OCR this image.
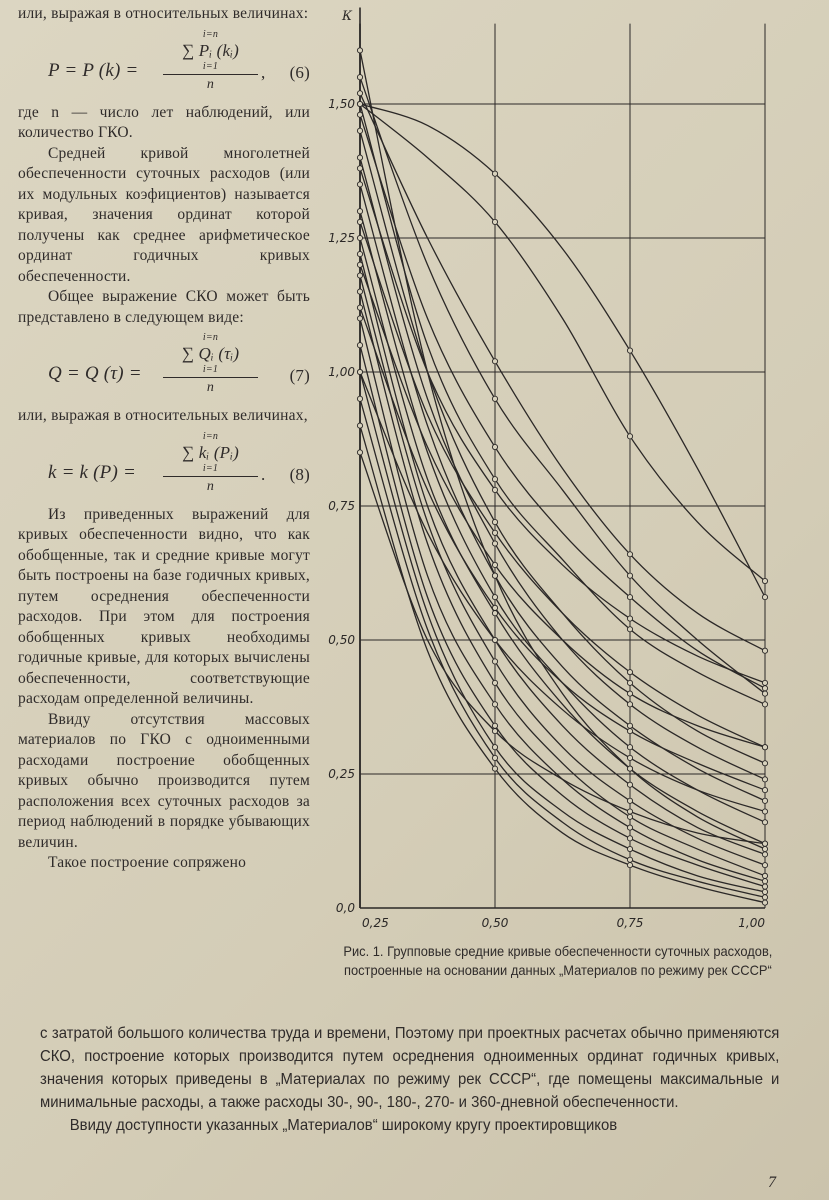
или, выражая в относительных величинах:

P = P (k) =
i=n
∑ Pᵢ (kᵢ)

i=1
n
, (6)

где n — число лет наблюдений, или количество ГКО.

Средней кривой многолетней обеспеченности суточных расходов (или их модульных коэфициентов) называется кривая, значения ординат которой получены как среднее арифметическое ординат годичных кривых обеспеченности.

Общее выражение СКО может быть представлено в следующем виде:

Q = Q (τ) =
i=n
∑ Qᵢ (τᵢ)

i=1
n
(7)

или, выражая в относительных величинах,

k = k (P) =
i=n
∑ kᵢ (Pᵢ)

i=1
n
. (8)

Из приведенных выражений для кривых обеспеченности видно, что как обобщенные, так и средние кривые могут быть построены на базе годичных кривых, путем осреднения обеспеченности расходов. При этом для построения обобщенных кривых необходимы годичные кривые, для которых вычислены обеспеченности, соответствующие расходам определенной величины.

Ввиду отсутствия массовых материалов по ГКО с одноименными расходами построение обобщенных кривых обычно производится путем расположения всех суточных расходов за период наблюдений в порядке убывающих величин.

Такое построение сопряжено

0,0
0,25
0,50
0,75
1,00
1,25
1,50
0,25	0,50	0,75	1,00
К
Рис. 1. Групповые средние кривые обеспеченности суточных расходов, построенные на основании данных „Материалов по режиму рек СССР“

с затратой большого количества труда и времени, Поэтому при проектных расчетах обычно применяются СКО, построение которых производится путем осреднения одноименных ординат годичных кривых, значения которых приведены в „Материалах по режиму рек СССР“, где помещены максимальные и минимальные расходы, а также расходы 30-, 90-, 180-, 270- и 360-дневной обеспеченности.

Ввиду доступности указанных „Материалов“ широкому кругу проектировщиков

7
